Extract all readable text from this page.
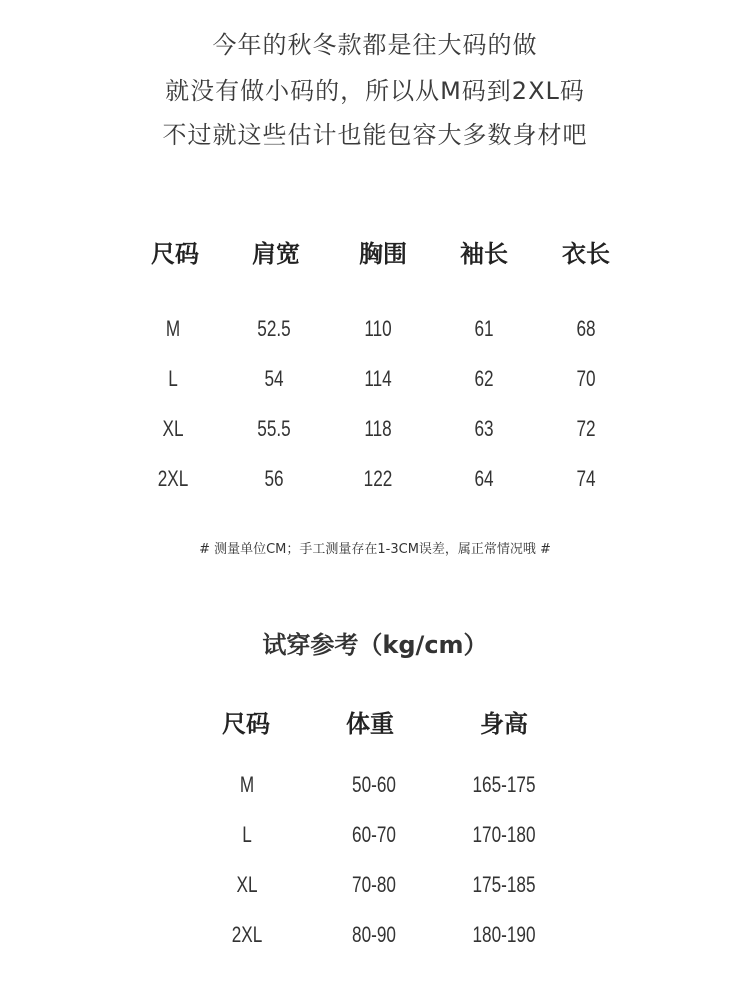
今年的秋冬款都是往大码的做
就没有做小码的，所以从M码到2XL码
不过就这些估计也能包容大多数身材吧
尺码	肩宽	胸围	袖长	衣长
M	52.5	110	61	68
L	54	114	62	70
XL	55.5	118	63	72
2XL	56	122	64	74
# 测量单位CM；手工测量存在1-3CM误差，属正常情况哦 #
试穿参考（kg/cm）
尺码	体重	身高
M	50-60	165-175
L	60-70	170-180
XL	70-80	175-185
2XL	80-90	180-190
